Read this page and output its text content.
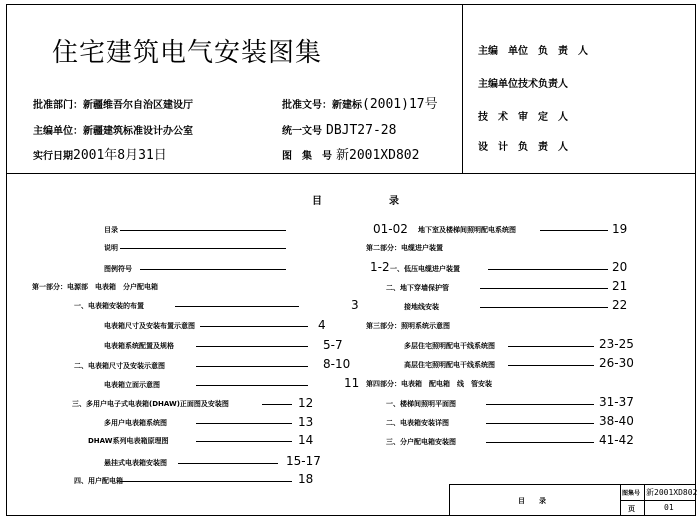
住宅建筑电气安装图集
批准部门：新疆维吾尔自治区建设厅
主编单位：新疆建筑标准设计办公室
实行日期2001年8月31日
批准文号：新建标(2001)17号
统一文号 DBJT27-28
图　集　号 新2001XD802
主编　单位　负　责　人
主编单位技术负责人
技　术　审　定　人
设　计　负　责　人
目	录
目录	01-02
说明
图例符号	1-2
第一部分：电源部　电表箱　分户配电箱
一、电表箱安装的布置	3
电表箱尺寸及安装布置示意图	4
电表箱系统配置及规格	5-7
二、电表箱尺寸及安装示意图	8-10
电表箱立面示意图	11
三、多用户电子式电表箱(DHAW)正面图及安装图	12
多用户电表箱系统图	13
DHAW系列电表箱原理图	14
悬挂式电表箱安装图	15-17
四、用户配电箱	18
地下室及楼梯间照明配电系统图	19
第二部分：电缆进户装置
一、低压电缆进户装置	20
二、地下穿墙保护管	21
接地线安装	22
第三部分：照明系统示意图
多层住宅照明配电干线系统图	23-25
高层住宅照明配电干线系统图	26-30
第四部分：电表箱　配电箱　线　管安装
一、楼梯间照明平面图	31-37
二、电表箱安装详图	38-40
三、分户配电箱安装图	41-42
目　　录
图集号 新2001XD802
页	01
